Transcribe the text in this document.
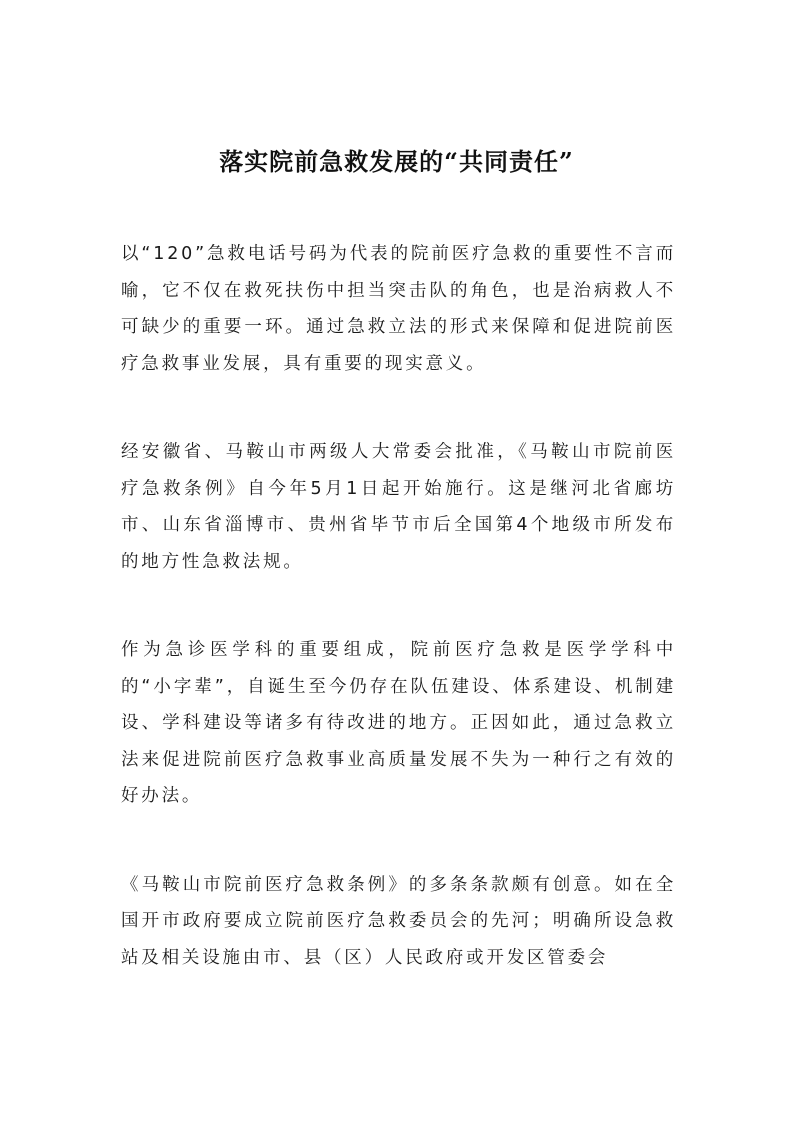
落实院前急救发展的“共同责任”

以“120”急救电话号码为代表的院前医疗急救的重要性不言而喻，它不仅在救死扶伤中担当突击队的角色，也是治病救人不可缺少的重要一环。通过急救立法的形式来保障和促进院前医疗急救事业发展，具有重要的现实意义。

经安徽省、马鞍山市两级人大常委会批准，《马鞍山市院前医疗急救条例》自今年5月1日起开始施行。这是继河北省廊坊市、山东省淄博市、贵州省毕节市后全国第4个地级市所发布的地方性急救法规。

作为急诊医学科的重要组成，院前医疗急救是医学学科中的“小字辈”，自诞生至今仍存在队伍建设、体系建设、机制建设、学科建设等诸多有待改进的地方。正因如此，通过急救立法来促进院前医疗急救事业高质量发展不失为一种行之有效的好办法。

《马鞍山市院前医疗急救条例》的多条条款颇有创意。如在全国开市政府要成立院前医疗急救委员会的先河；明确所设急救站及相关设施由市、县（区）人民政府或开发区管委会
